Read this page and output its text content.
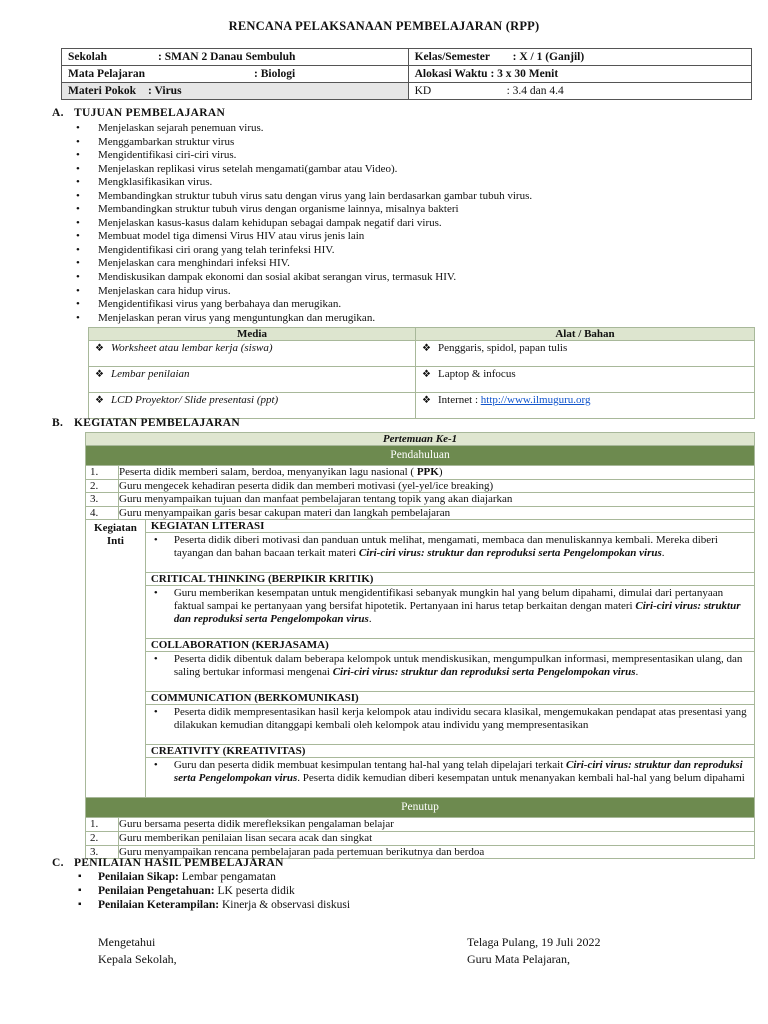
RENCANA PELAKSANAAN PEMBELAJARAN (RPP)
Sekolah : SMAN 2 Danau Sembuluh	Kelas/Semester : X / 1 (Ganjil)
Mata Pelajaran : Biologi	Alokasi Waktu : 3 x 30 Menit
Materi Pokok : Virus	KD : 3.4 dan 4.4
A. TUJUAN PEMBELAJARAN
• Menjelaskan sejarah penemuan virus.
• Menggambarkan struktur virus
• Mengidentifikasi ciri-ciri virus.
• Menjelaskan replikasi virus setelah mengamati(gambar atau Video).
• Mengklasifikasikan virus.
• Membandingkan struktur tubuh virus satu dengan virus yang lain berdasarkan gambar tubuh virus.
• Membandingkan struktur tubuh virus dengan organisme lainnya, misalnya bakteri
• Menjelaskan kasus-kasus dalam kehidupan sebagai dampak negatif dari virus.
• Membuat model tiga dimensi Virus HIV atau virus jenis lain
• Mengidentifikasi ciri orang yang telah terinfeksi HIV.
• Menjelaskan cara menghindari infeksi HIV.
• Mendiskusikan dampak ekonomi dan sosial akibat serangan virus, termasuk HIV.
• Menjelaskan cara hidup virus.
• Mengidentifikasi virus yang berbahaya dan merugikan.
• Menjelaskan peran virus yang menguntungkan dan merugikan.
Media	Alat / Bahan
❖ Worksheet atau lembar kerja (siswa)	❖ Penggaris, spidol, papan tulis
❖ Lembar penilaian	❖ Laptop & infocus
❖ LCD Proyektor/ Slide presentasi (ppt)	❖ Internet : http://www.ilmuguru.org
B. KEGIATAN PEMBELAJARAN
Pertemuan Ke-1		
Pendahuluan		
1.	Peserta didik memberi salam, berdoa, menyanyikan lagu nasional ( PPK)	
2.	Guru mengecek kehadiran peserta didik dan memberi motivasi (yel-yel/ice breaking)	
3.	Guru menyampaikan tujuan dan manfaat pembelajaran tentang topik yang akan diajarkan	
4.	Guru menyampaikan garis besar cakupan materi dan langkah pembelajaran	

Kegiatan
Inti		KEGIATAN LITERASI

		• Peserta didik diberi motivasi dan panduan untuk melihat, mengamati, membaca dan menuliskannya kembali. Mereka diberi tayangan dan bahan bacaan terkait materi Ciri-ciri virus: struktur dan reproduksi serta Pengelompokan virus.
		CRITICAL THINKING (BERPIKIR KRITIK)

		• Guru memberikan kesempatan untuk mengidentifikasi sebanyak mungkin hal yang belum dipahami, dimulai dari pertanyaan faktual sampai ke pertanyaan yang bersifat hipotetik. Pertanyaan ini harus tetap berkaitan dengan materi Ciri-ciri virus: struktur dan reproduksi serta Pengelompokan virus.
		COLLABORATION (KERJASAMA)

		• Peserta didik dibentuk dalam beberapa kelompok untuk mendiskusikan, mengumpulkan informasi, mempresentasikan ulang, dan saling bertukar informasi mengenai Ciri-ciri virus: struktur dan reproduksi serta Pengelompokan virus.
		COMMUNICATION (BERKOMUNIKASI)

		• Peserta didik mempresentasikan hasil kerja kelompok atau individu secara klasikal, mengemukakan pendapat atas presentasi yang dilakukan kemudian ditanggapi kembali oleh kelompok atau individu yang mempresentasikan
		CREATIVITY (KREATIVITAS)

		• Guru dan peserta didik membuat kesimpulan tentang hal-hal yang telah dipelajari terkait Ciri-ciri virus: struktur dan reproduksi serta Pengelompokan virus. Peserta didik kemudian diberi kesempatan untuk menanyakan kembali hal-hal yang belum dipahami
Penutup		
1.	Guru bersama peserta didik merefleksikan pengalaman belajar	
2.	Guru memberikan penilaian lisan secara acak dan singkat	
3.	Guru menyampaikan rencana pembelajaran pada pertemuan berikutnya dan berdoa	
C. PENILAIAN HASIL PEMBELAJARAN
▪ Penilaian Sikap: Lembar pengamatan
▪ Penilaian Pengetahuan: LK peserta didik
▪ Penilaian Keterampilan: Kinerja & observasi diskusi
Mengetahui
Kepala Sekolah,
Telaga Pulang, 19 Juli 2022
Guru Mata Pelajaran,
